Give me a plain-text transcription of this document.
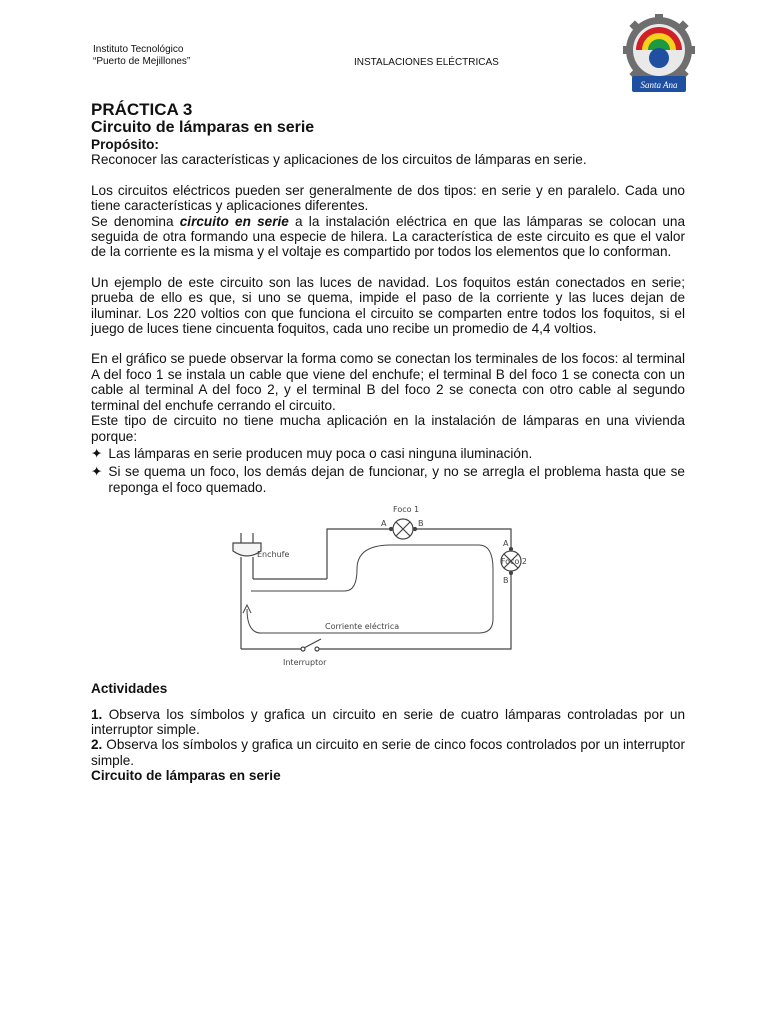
Instituto Tecnológico
“Puerto de Mejillones”	INSTALACIONES ELÉCTRICAS
Santa Ana
PRÁCTICA 3
Circuito de lámparas en serie
Propósito:

Reconocer las características y aplicaciones de los circuitos de lámparas en serie.

Los circuitos eléctricos pueden ser generalmente de dos tipos: en serie y en paralelo. Cada uno tiene características y aplicaciones diferentes.

Se denomina circuito en serie a la instalación eléctrica en que las lámparas se colocan una seguida de otra formando una especie de hilera. La característica de este circuito es que el valor de la corriente es la misma y el voltaje es compartido por todos los elementos que lo conforman.

Un ejemplo de este circuito son las luces de navidad. Los foquitos están conectados en serie; prueba de ello es que, si uno se quema, impide el paso de la corriente y las luces dejan de iluminar. Los 220 voltios con que funciona el circuito se comparten entre todos los foquitos, si el juego de luces tiene cincuenta foquitos, cada uno recibe un promedio de 4,4 voltios.

En el gráfico se puede observar la forma como se conectan los terminales de los focos: al terminal A del foco 1 se instala un cable que viene del enchufe; el terminal B del foco 1 se conecta con un cable al terminal A del foco 2, y el terminal B del foco 2 se conecta con otro cable al segundo terminal del enchufe cerrando el circuito.

Este tipo de circuito no tiene mucha aplicación en la instalación de lámparas en una vivienda porque:

✦ Las lámparas en serie producen muy poca o casi ninguna iluminación.

✦ Si se quema un foco, los demás dejan de funcionar, y no se arregla el problema hasta que se reponga el foco quemado.

Enchufe
Foco 1
A	B
Foco 2
A
B
Interruptor
Corriente eléctrica
Actividades

1. Observa los símbolos y grafica un circuito en serie de cuatro lámparas controladas por un interruptor simple.

2. Observa los símbolos y grafica un circuito en serie de cinco focos controlados por un interruptor simple.

Circuito de lámparas en serie
